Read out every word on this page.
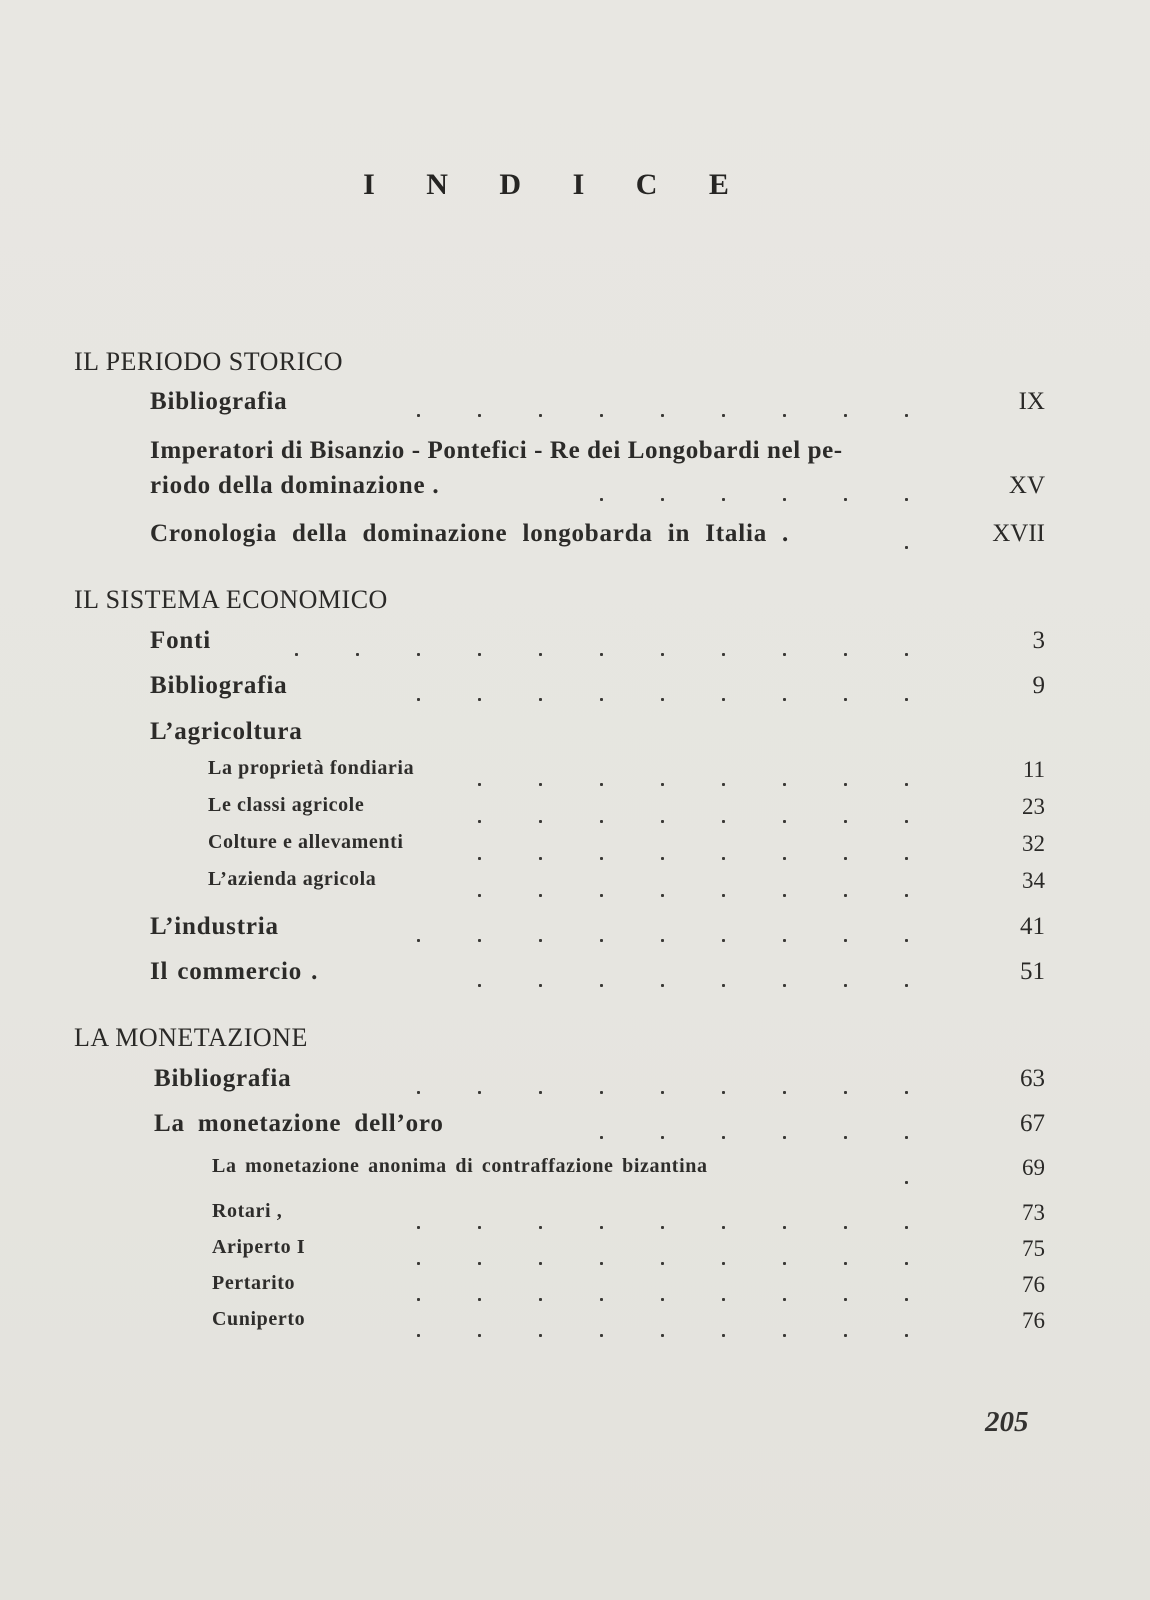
I N D I C E
IL PERIODO STORICO
Bibliografia	IX
Imperatori di Bisanzio - Pontefici - Re dei Longobardi nel pe-
riodo della dominazione .	XV
Cronologia della dominazione longobarda in Italia .	XVII
IL SISTEMA ECONOMICO
Fonti	3
Bibliografia	9
L’agricoltura
La proprietà fondiaria	11
Le classi agricole	23
Colture e allevamenti	32
L’azienda agricola	34
L’industria	41
Il commercio .	51
LA MONETAZIONE
Bibliografia	63
La monetazione dell’oro	67
La monetazione anonima di contraffazione bizantina	69
Rotari ,	73
Ariperto I	75
Pertarito	76
Cuniperto	76
205
